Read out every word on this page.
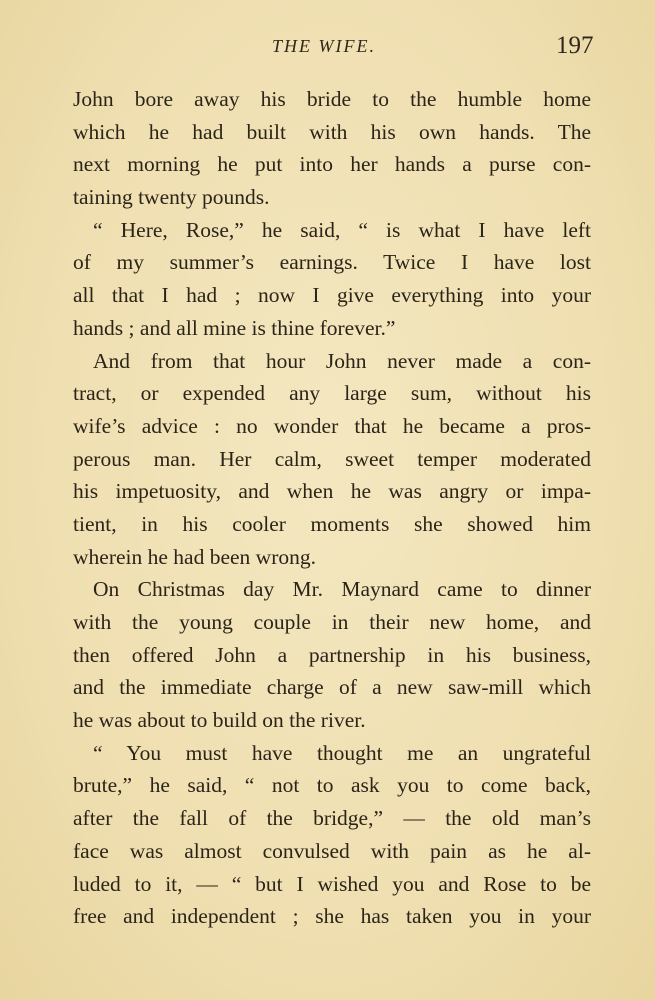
THE WIFE.	197
John bore away his bride to the humble home
which he had built with his own hands. The
next morning he put into her hands a purse con-
taining twenty pounds.
“ Here, Rose,” he said, “ is what I have left
of my summer’s earnings. Twice I have lost
all that I had ; now I give everything into your
hands ; and all mine is thine forever.”
And from that hour John never made a con-
tract, or expended any large sum, without his
wife’s advice : no wonder that he became a pros-
perous man. Her calm, sweet temper moderated
his impetuosity, and when he was angry or impa-
tient, in his cooler moments she showed him
wherein he had been wrong.
On Christmas day Mr. Maynard came to dinner
with the young couple in their new home, and
then offered John a partnership in his business,
and the immediate charge of a new saw-mill which
he was about to build on the river.
“ You must have thought me an ungrateful
brute,” he said, “ not to ask you to come back,
after the fall of the bridge,” — the old man’s
face was almost convulsed with pain as he al-
luded to it, — “ but I wished you and Rose to be
free and independent ; she has taken you in your
